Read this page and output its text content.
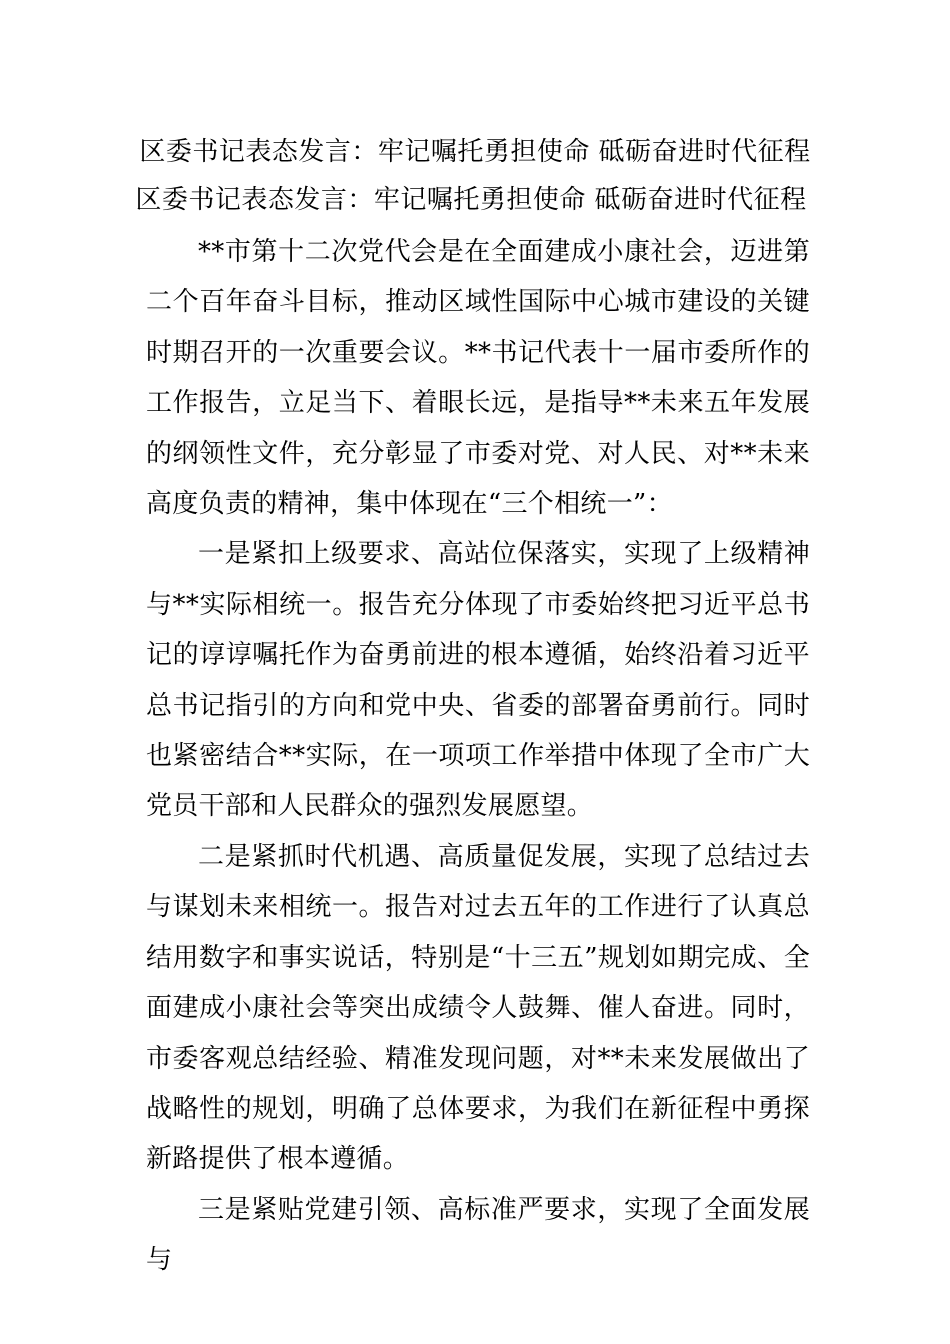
区委书记表态发言：牢记嘱托勇担使命 砥砺奋进时代征程
区委书记表态发言：牢记嘱托勇担使命 砥砺奋进时代征程

**市第十二次党代会是在全面建成小康社会，迈进第二个百年奋斗目标，推动区域性国际中心城市建设的关键时期召开的一次重要会议。**书记代表十一届市委所作的工作报告，立足当下、着眼长远，是指导**未来五年发展的纲领性文件，充分彰显了市委对党、对人民、对**未来高度负责的精神，集中体现在“三个相统一”：

一是紧扣上级要求、高站位保落实，实现了上级精神与**实际相统一。报告充分体现了市委始终把习近平总书记的谆谆嘱托作为奋勇前进的根本遵循，始终沿着习近平总书记指引的方向和党中央、省委的部署奋勇前行。同时也紧密结合**实际，在一项项工作举措中体现了全市广大党员干部和人民群众的强烈发展愿望。

二是紧抓时代机遇、高质量促发展，实现了总结过去与谋划未来相统一。报告对过去五年的工作进行了认真总结用数字和事实说话，特别是“十三五”规划如期完成、全面建成小康社会等突出成绩令人鼓舞、催人奋进。同时，市委客观总结经验、精准发现问题，对**未来发展做出了战略性的规划，明确了总体要求，为我们在新征程中勇探新路提供了根本遵循。

三是紧贴党建引领、高标准严要求，实现了全面发展与
